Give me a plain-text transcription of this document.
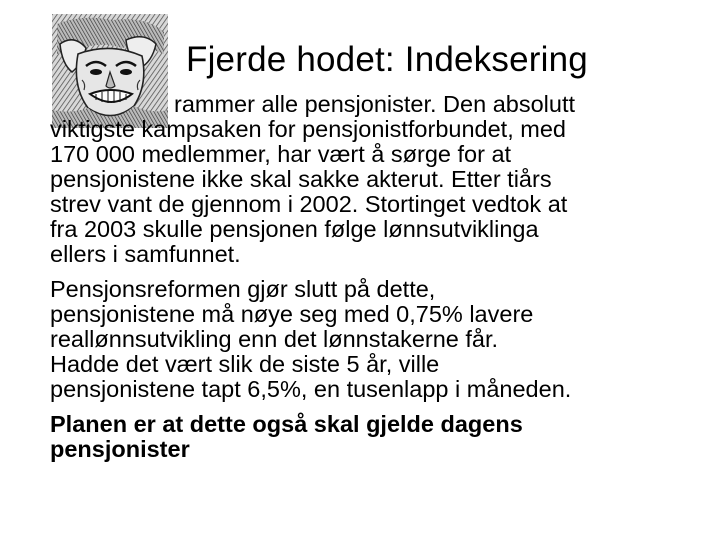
Fjerde hodet: Indeksering
rammer alle pensjonister. Den absolutt
viktigste kampsaken for pensjonistforbundet, med
170 000 medlemmer, har vært å sørge for at
pensjonistene ikke skal sakke akterut. Etter tiårs
strev vant de gjennom i 2002. Stortinget vedtok at
fra 2003 skulle pensjonen følge lønnsutviklinga
ellers i samfunnet.
Pensjonsreformen gjør slutt på dette,
pensjonistene må nøye seg med 0,75% lavere
reallønnsutvikling enn det lønnstakerne får.
Hadde det vært slik de siste 5 år, ville
pensjonistene tapt 6,5%, en tusenlapp i måneden.
Planen er at dette også skal gjelde dagens
pensjonister
